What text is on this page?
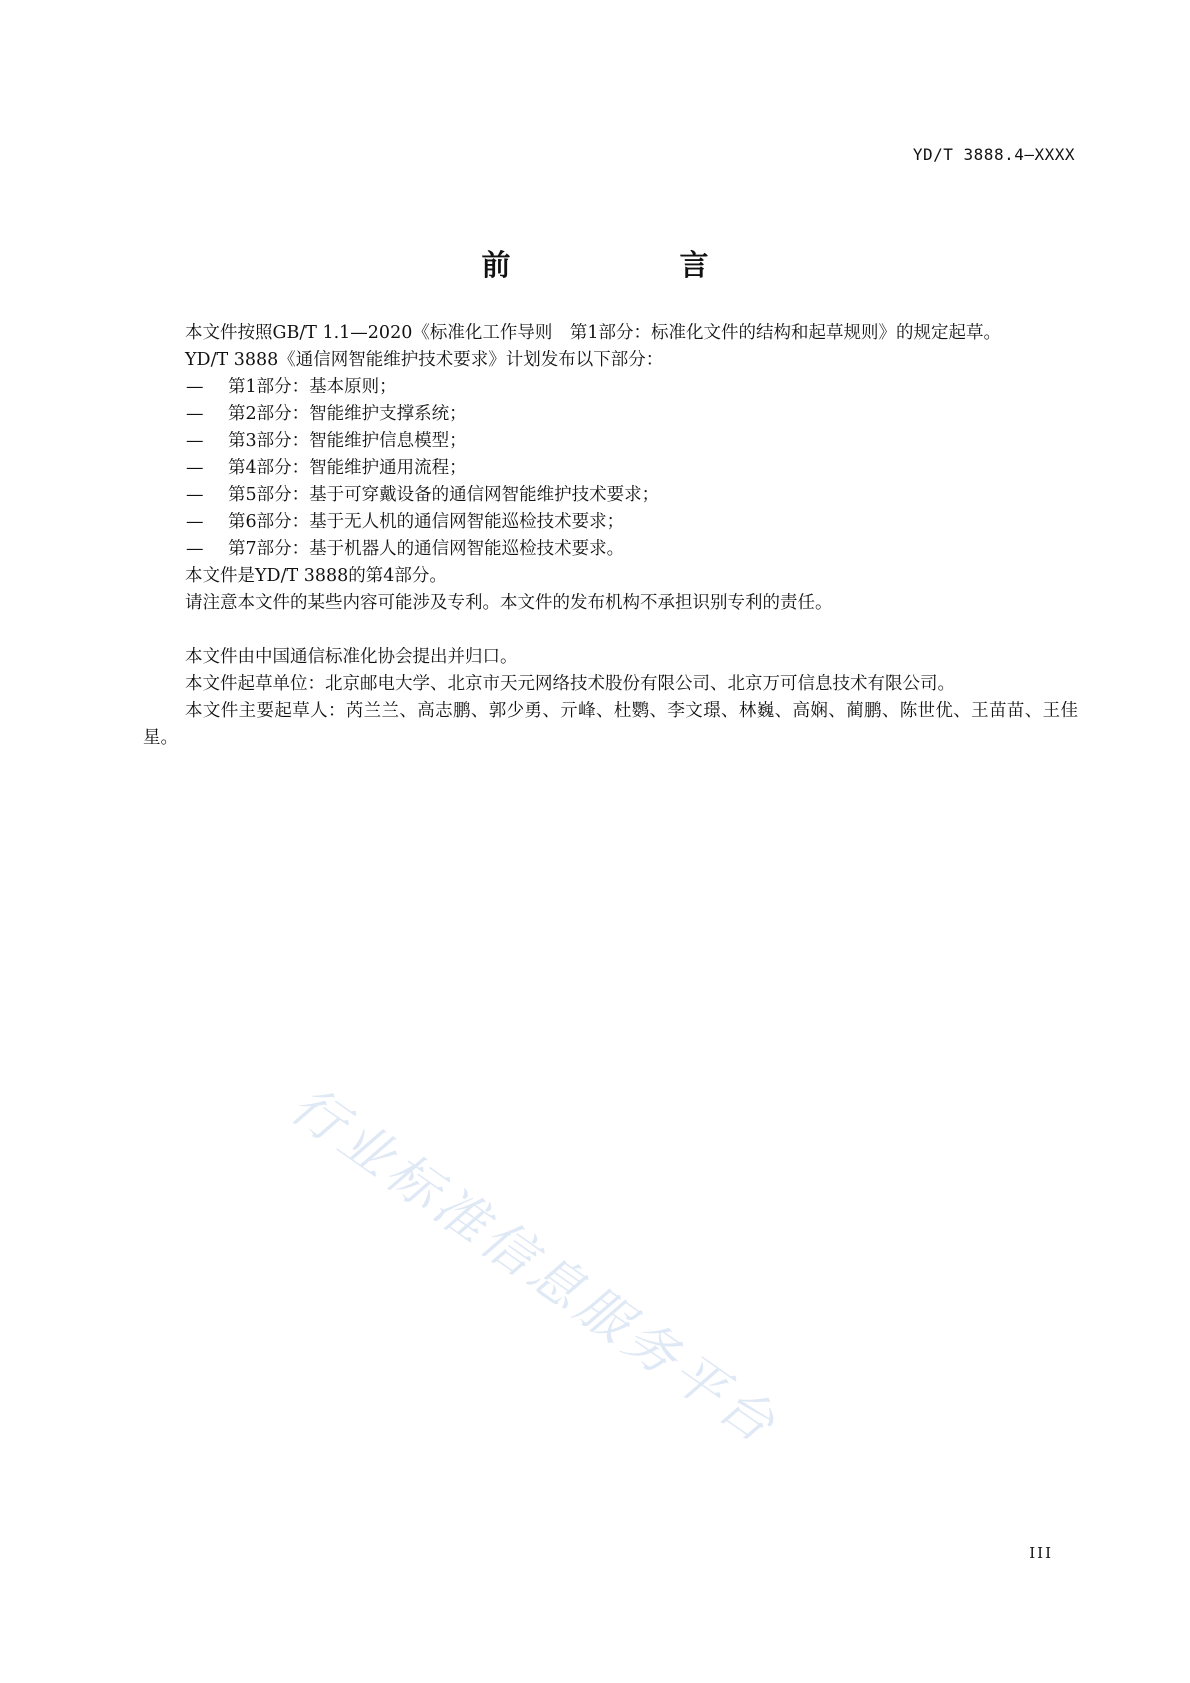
YD/T 3888.4—XXXX
前　言

本文件按照GB/T 1.1—2020《标准化工作导则　第1部分：标准化文件的结构和起草规则》的规定起草。

YD/T 3888《通信网智能维护技术要求》计划发布以下部分：

— 第1部分：基本原则；
— 第2部分：智能维护支撑系统；
— 第3部分：智能维护信息模型；
— 第4部分：智能维护通用流程；
— 第5部分：基于可穿戴设备的通信网智能维护技术要求；
— 第6部分：基于无人机的通信网智能巡检技术要求；
— 第7部分：基于机器人的通信网智能巡检技术要求。

本文件是YD/T 3888的第4部分。

请注意本文件的某些内容可能涉及专利。本文件的发布机构不承担识别专利的责任。

本文件由中国通信标准化协会提出并归口。

本文件起草单位：北京邮电大学、北京市天元网络技术股份有限公司、北京万可信息技术有限公司。

本文件主要起草人：芮兰兰、高志鹏、郭少勇、亓峰、杜鹦、李文璟、林巍、高娴、蔺鹏、陈世优、王苗苗、王佳星。

行业标准信息服务平台
III
